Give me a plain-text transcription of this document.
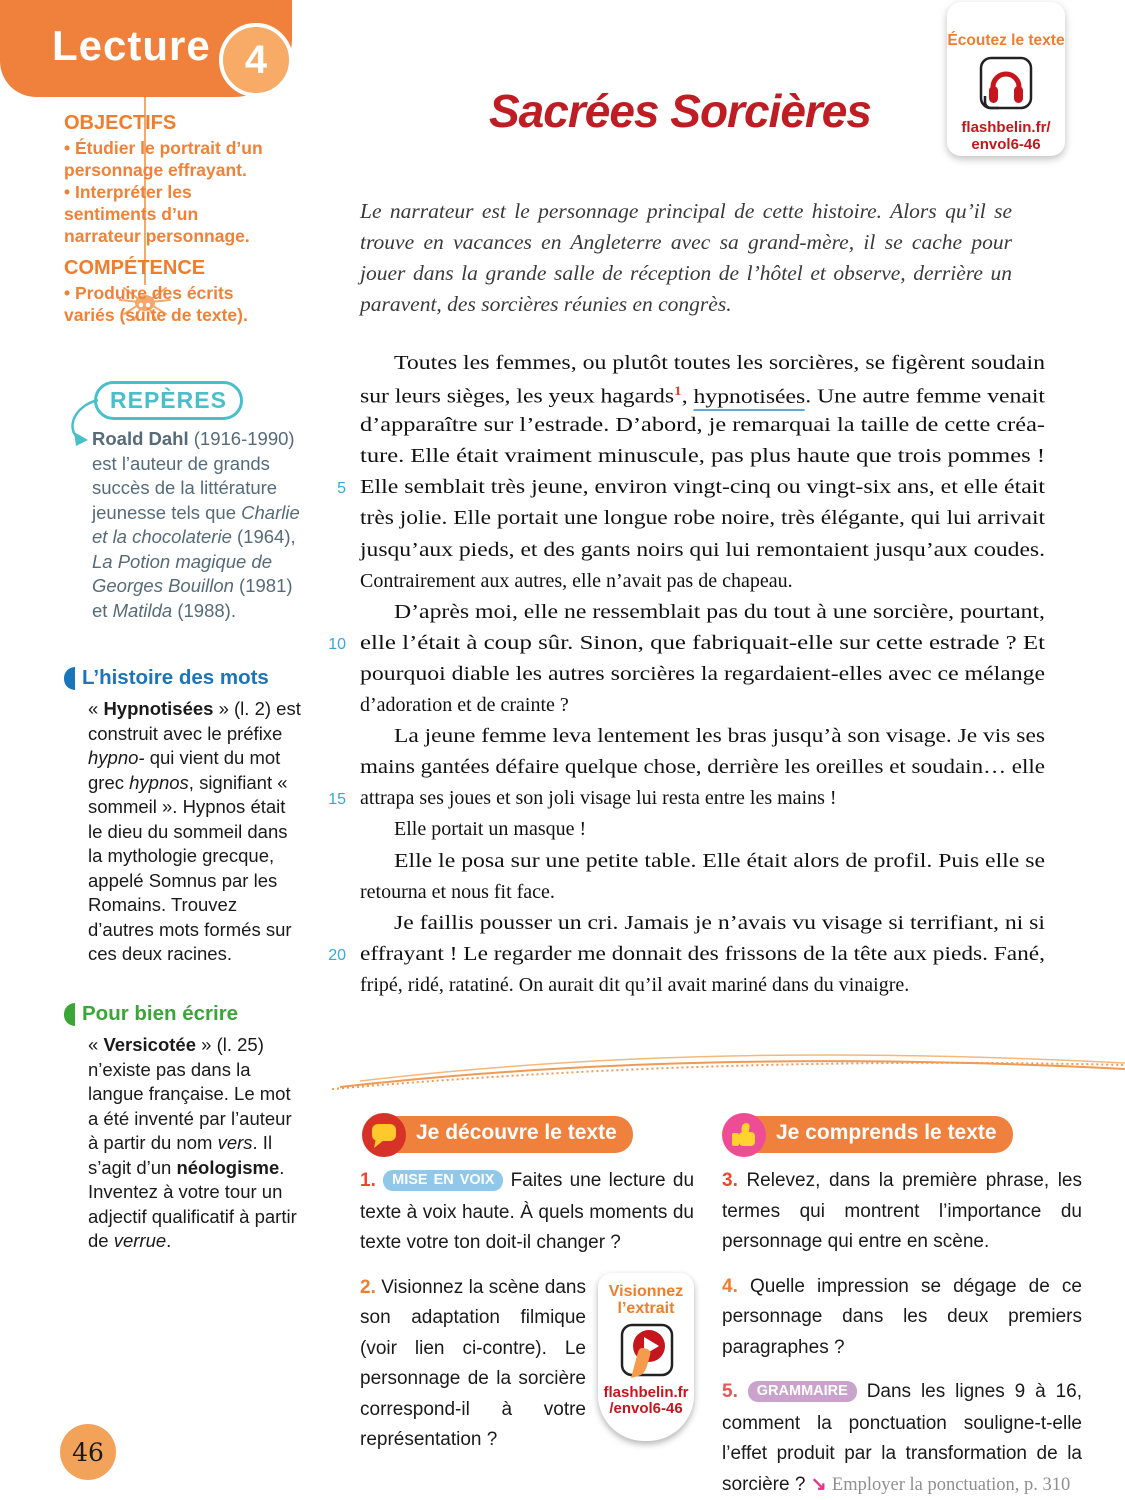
Lecture 4
OBJECTIFS
• Étudier le portrait d’un personnage effrayant.
• Interpréter les sentiments d’un narrateur personnage.
COMPÉTENCE
• Produire des écrits variés (suite de texte).
Écoutez le texte
flashbelin.fr/
envol6-46
Sacrées Sorcières
Le narrateur est le personnage principal de cette histoire. Alors qu’il se trouve en vacances en Angleterre avec sa grand-mère, il se cache pour jouer dans la grande salle de réception de l’hôtel et observe, derrière un paravent, des sorcières réunies en congrès.
Toutes les femmes, ou plutôt toutes les sorcières, se figèrent soudain
sur leurs sièges, les yeux hagards$^1$, hypnotisées. Une autre femme venait
d’apparaître sur l’estrade. D’abord, je remarquai la taille de cette créa-
ture. Elle était vraiment minuscule, pas plus haute que trois pommes !
5 Elle semblait très jeune, environ vingt-cinq ou vingt-six ans, et elle était
très jolie. Elle portait une longue robe noire, très élégante, qui lui arrivait
jusqu’aux pieds, et des gants noirs qui lui remontaient jusqu’aux coudes.
Contrairement aux autres, elle n’avait pas de chapeau.
D’après moi, elle ne ressemblait pas du tout à une sorcière, pourtant,
10 elle l’était à coup sûr. Sinon, que fabriquait-elle sur cette estrade ? Et
pourquoi diable les autres sorcières la regardaient-elles avec ce mélange
d’adoration et de crainte ?
La jeune femme leva lentement les bras jusqu’à son visage. Je vis ses
mains gantées défaire quelque chose, derrière les oreilles et soudain… elle
15 attrapa ses joues et son joli visage lui resta entre les mains !
Elle portait un masque !
Elle le posa sur une petite table. Elle était alors de profil. Puis elle se
retourna et nous fit face.
Je faillis pousser un cri. Jamais je n’avais vu visage si terrifiant, ni si
20 effrayant ! Le regarder me donnait des frissons de la tête aux pieds. Fané,
fripé, ridé, ratatiné. On aurait dit qu’il avait mariné dans du vinaigre.
REPÈRES
Roald Dahl (1916-1990) est l’auteur de grands succès de la littérature jeunesse tels que Charlie et la chocolaterie (1964), La Potion magique de Georges Bouillon (1981) et Matilda (1988).
L’histoire des mots
« Hypnotisées » (l. 2) est construit avec le préfixe hypno- qui vient du mot grec hypnos, signifiant « sommeil ». Hypnos était le dieu du sommeil dans la mythologie grecque, appelé Somnus par les Romains. Trouvez d’autres mots formés sur ces deux racines.
Pour bien écrire
« Versicotée » (l. 25) n’existe pas dans la langue française. Le mot a été inventé par l’auteur à partir du nom vers. Il s’agit d’un néologisme. Inventez à votre tour un adjectif qualificatif à partir de verrue.
Je découvre le texte	Je comprends le texte

1. MISE EN VOIX Faites une lecture du texte à voix haute. À quels moments du texte votre ton doit-il changer ?

2. Visionnez la scène dans son adaptation filmique (voir lien ci-contre). Le personnage de la sorcière correspond-il à votre représentation ?

Visionnez
l’extrait
flashbelin.fr
/envol6-46

3. Relevez, dans la première phrase, les termes qui montrent l’importance du personnage qui entre en scène.

4. Quelle impression se dégage de ce personnage dans les deux premiers paragraphes ?

5. GRAMMAIRE Dans les lignes 9 à 16, comment la ponctuation souligne-t-elle l’effet produit par la transformation de la sorcière ? ↘ Employer la ponctuation, p. 310

46
